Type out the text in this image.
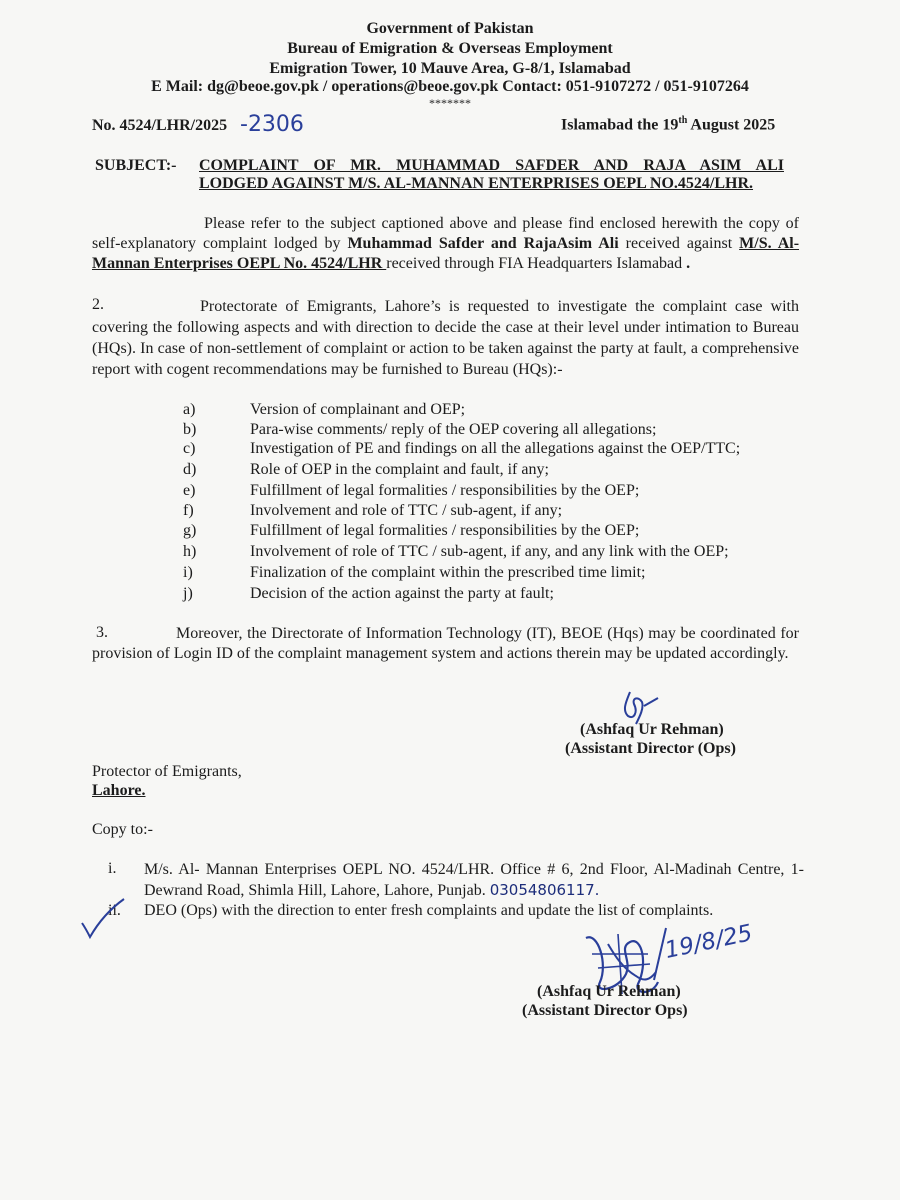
Government of Pakistan
Bureau of Emigration & Overseas Employment
Emigration Tower, 10 Mauve Area, G-8/1, Islamabad
E Mail: dg@beoe.gov.pk / operations@beoe.gov.pk Contact: 051-9107272 / 051-9107264
*******
No. 4524/LHR/2025 -2306	Islamabad the 19th August 2025
SUBJECT:- COMPLAINT OF MR. MUHAMMAD SAFDER AND RAJA ASIM ALI
LODGED AGAINST M/S. AL-MANNAN ENTERPRISES OEPL NO.4524/LHR.
Please refer to the subject captioned above and please find enclosed herewith the copy of self-explanatory complaint lodged by Muhammad Safder and RajaAsim Ali received against M/S. Al-Mannan Enterprises OEPL No. 4524/LHR received through FIA Headquarters Islamabad .
2.	Protectorate of Emigrants, Lahore’s is requested to investigate the complaint case with covering the following aspects and with direction to decide the case at their level under intimation to Bureau (HQs). In case of non-settlement of complaint or action to be taken against the party at fault, a comprehensive report with cogent recommendations may be furnished to Bureau (HQs):-
a)	Version of complainant and OEP;
b)	Para-wise comments/ reply of the OEP covering all allegations;
c)	Investigation of PE and findings on all the allegations against the OEP/TTC;
d)	Role of OEP in the complaint and fault, if any;
e)	Fulfillment of legal formalities / responsibilities by the OEP;
f)	Involvement and role of TTC / sub-agent, if any;
g)	Fulfillment of legal formalities / responsibilities by the OEP;
h)	Involvement of role of TTC / sub-agent, if any, and any link with the OEP;
i)	Finalization of the complaint within the prescribed time limit;
j)	Decision of the action against the party at fault;
3.	Moreover, the Directorate of Information Technology (IT), BEOE (Hqs) may be coordinated for provision of Login ID of the complaint management system and actions therein may be updated accordingly.
(Ashfaq Ur Rehman)
(Assistant Director (Ops)
Protector of Emigrants,
Lahore.
Copy to:-
i. M/s. Al- Mannan Enterprises OEPL NO. 4524/LHR. Office # 6, 2nd Floor, Al-Madinah Centre, 1-Dewrand Road, Shimla Hill, Lahore, Lahore, Punjab. 03054806117.
ii. DEO (Ops) with the direction to enter fresh complaints and update the list of complaints.
19/8/25
(Ashfaq Ur Rehman)
(Assistant Director Ops)
